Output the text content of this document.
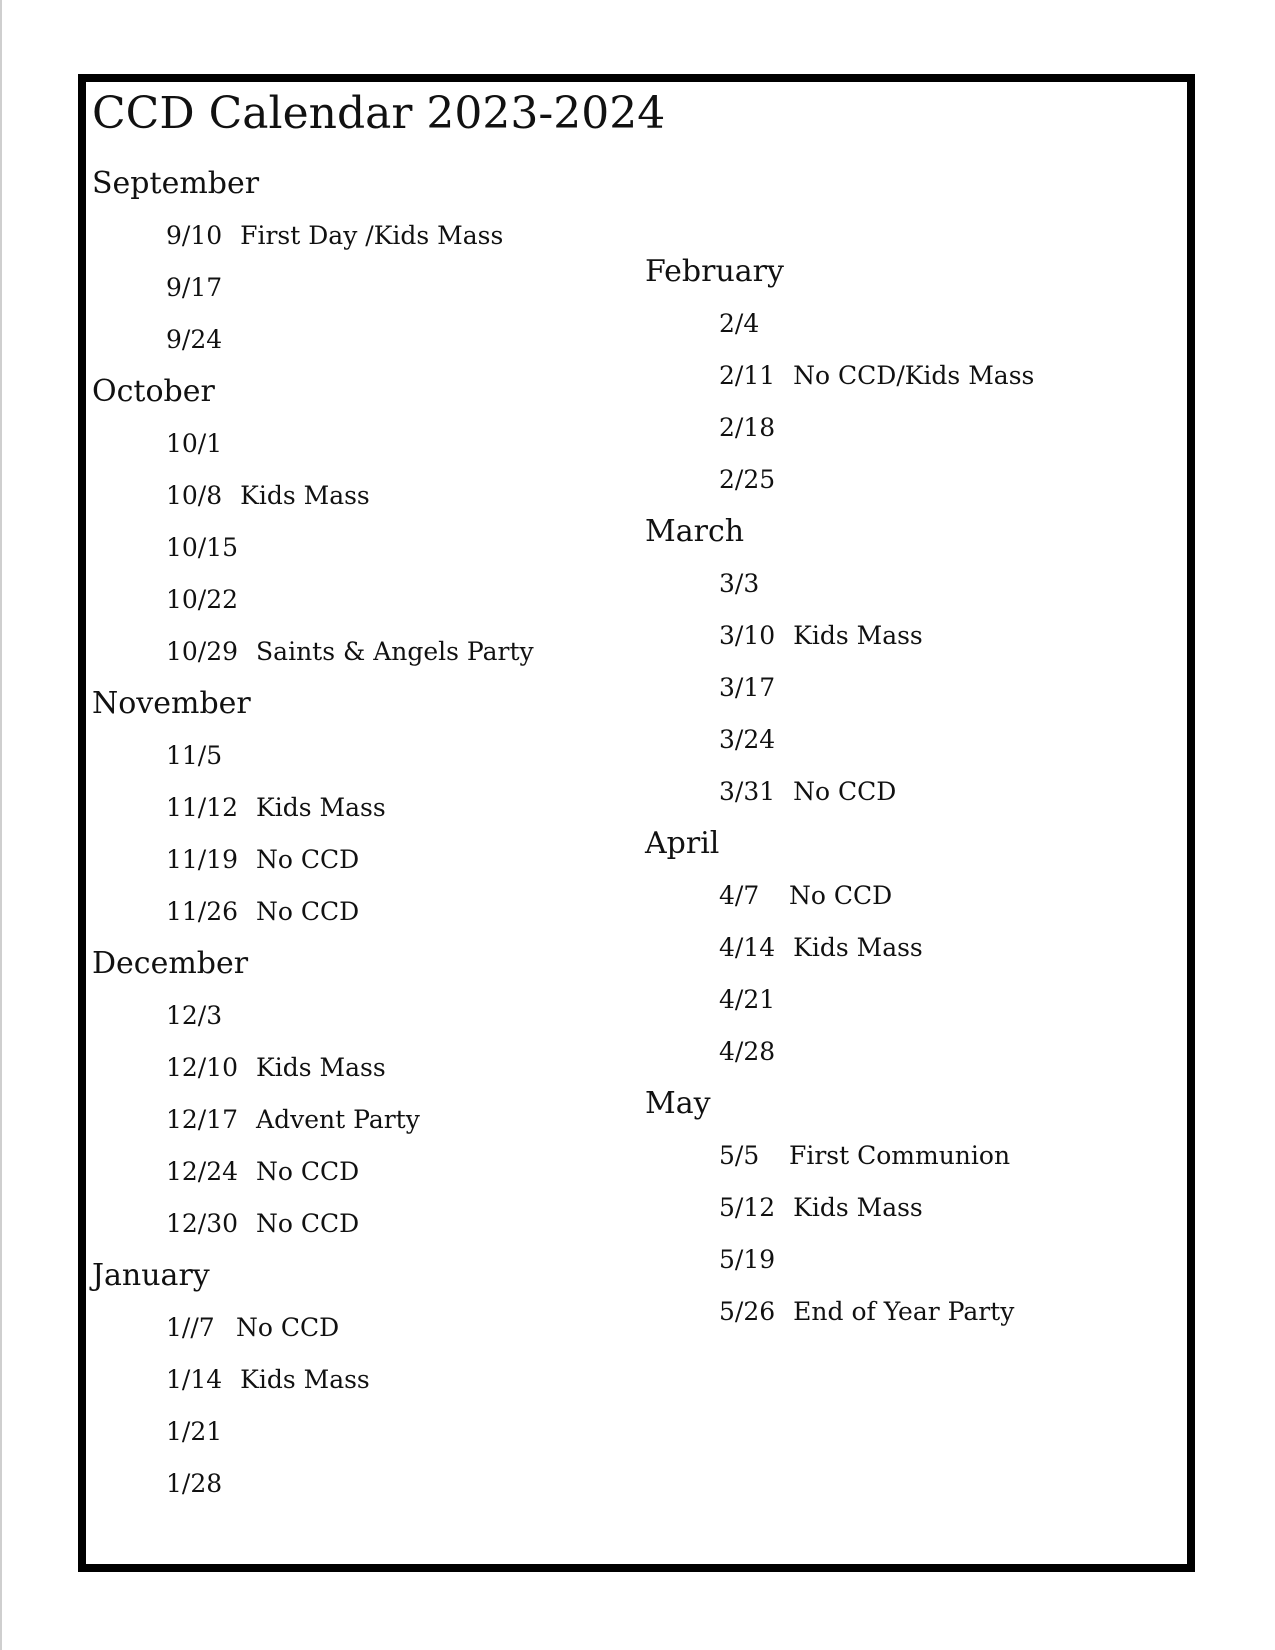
CCD Calendar 2023-2024
September
9/10 First Day /Kids Mass
9/17
9/24
October
10/1
10/8 Kids Mass
10/15
10/22
10/29 Saints & Angels Party
November
11/5
11/12 Kids Mass
11/19 No CCD
11/26 No CCD
December
12/3
12/10 Kids Mass
12/17 Advent Party
12/24 No CCD
12/30 No CCD
January
1//7 No CCD
1/14 Kids Mass
1/21
1/28
February
2/4
2/11 No CCD/Kids Mass
2/18
2/25
March
3/3
3/10 Kids Mass
3/17
3/24
3/31 No CCD
April
4/7 No CCD
4/14 Kids Mass
4/21
4/28
May
5/5 First Communion
5/12 Kids Mass
5/19
5/26 End of Year Party
